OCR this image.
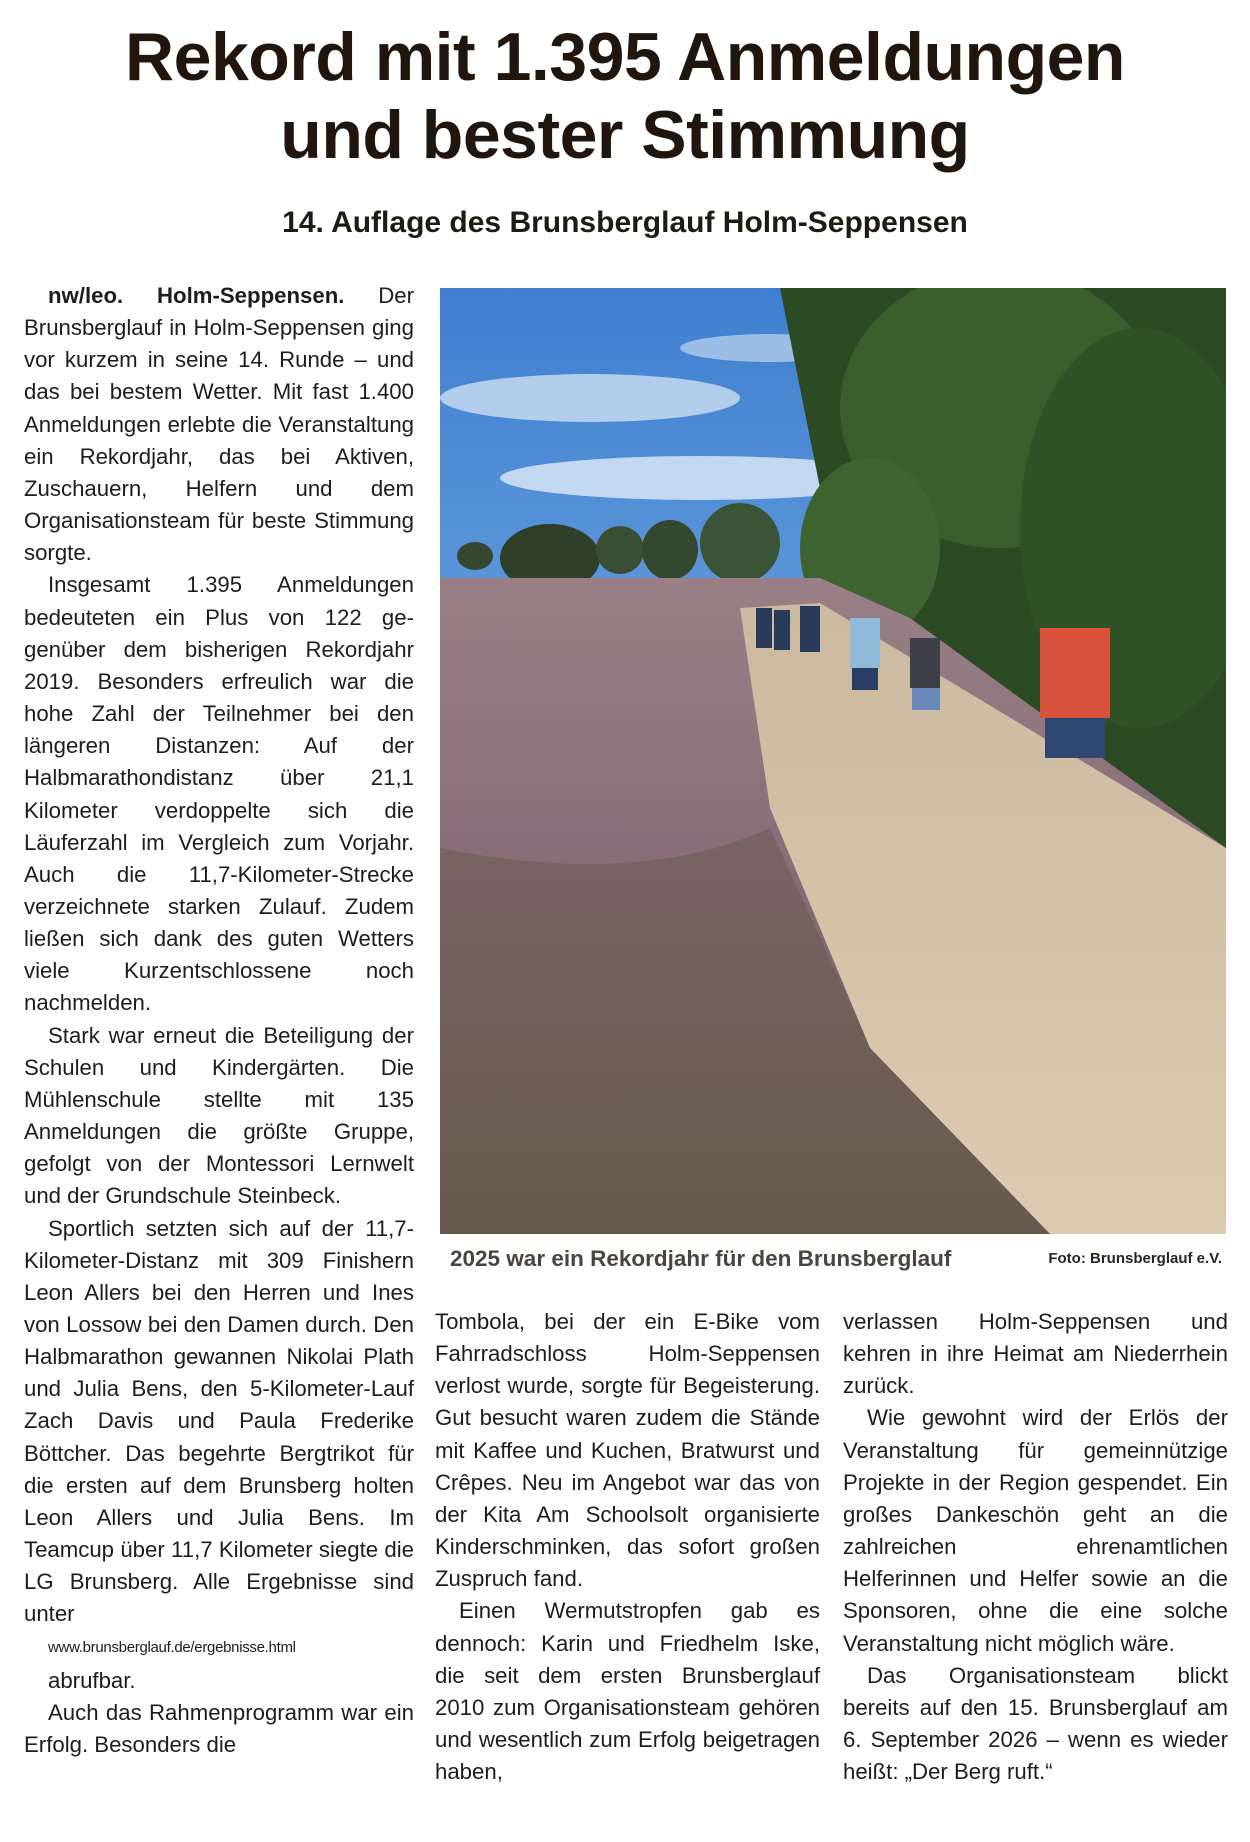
Rekord mit 1.395 Anmeldungen
und bester Stimmung
14. Auflage des Brunsberglauf Holm-Seppensen

nw/leo. Holm-Seppensen. Der Brunsberglauf in Holm-Seppensen ging vor kurzem in seine 14. Runde – und das bei bestem Wetter. Mit fast 1.400 Anmeldungen erlebte die Veranstaltung ein Rekordjahr, das bei Aktiven, Zuschauern, Helfern und dem Organisationsteam für beste Stimmung sorgte.

Insgesamt 1.395 Anmeldungen bedeuteten ein Plus von 122 gegenüber dem bisherigen Rekordjahr 2019. Besonders erfreulich war die hohe Zahl der Teilnehmer bei den längeren Distanzen: Auf der Halbmarathondistanz über 21,1 Kilometer verdoppelte sich die Läuferzahl im Vergleich zum Vorjahr. Auch die 11,7-Kilometer-Strecke verzeichnete starken Zulauf. Zudem ließen sich dank des guten Wetters viele Kurzentschlossene noch nachmelden.

Stark war erneut die Beteiligung der Schulen und Kindergärten. Die Mühlenschule stellte mit 135 Anmeldungen die größte Gruppe, gefolgt von der Montessori Lernwelt und der Grundschule Steinbeck.

Sportlich setzten sich auf der 11,7-Kilometer-Distanz mit 309 Finishern Leon Allers bei den Herren und Ines von Lossow bei den Damen durch. Den Halbmarathon gewannen Nikolai Plath und Julia Bens, den 5-Kilometer-Lauf Zach Davis und Paula Frederike Böttcher. Das begehrte Bergtrikot für die ersten auf dem Brunsberg holten Leon Allers und Julia Bens. Im Teamcup über 11,7 Kilometer siegte die LG Brunsberg. Alle Ergebnisse sind unter
www.brunsberglauf.de/ergebnisse.html
abrufbar.

Auch das Rahmenprogramm war ein Erfolg. Besonders die

2025 war ein Rekordjahr für den Brunsberglauf	Foto: Brunsberglauf e.V.

Tombola, bei der ein E-Bike vom Fahrradschloss Holm-Seppensen verlost wurde, sorgte für Begeisterung. Gut besucht waren zudem die Stände mit Kaffee und Kuchen, Bratwurst und Crêpes. Neu im Angebot war das von der Kita Am Schoolsolt organisierte Kinderschminken, das sofort großen Zuspruch fand.

Einen Wermutstropfen gab es dennoch: Karin und Friedhelm Iske, die seit dem ersten Brunsberglauf 2010 zum Organisationsteam gehören und wesentlich zum Erfolg beigetragen haben,

verlassen Holm-Seppensen und kehren in ihre Heimat am Niederrhein zurück.

Wie gewohnt wird der Erlös der Veranstaltung für gemeinnützige Projekte in der Region gespendet. Ein großes Dankeschön geht an die zahlreichen ehrenamtlichen Helferinnen und Helfer sowie an die Sponsoren, ohne die eine solche Veranstaltung nicht möglich wäre.

Das Organisationsteam blickt bereits auf den 15. Brunsberglauf am 6. September 2026 – wenn es wieder heißt: „Der Berg ruft.“
